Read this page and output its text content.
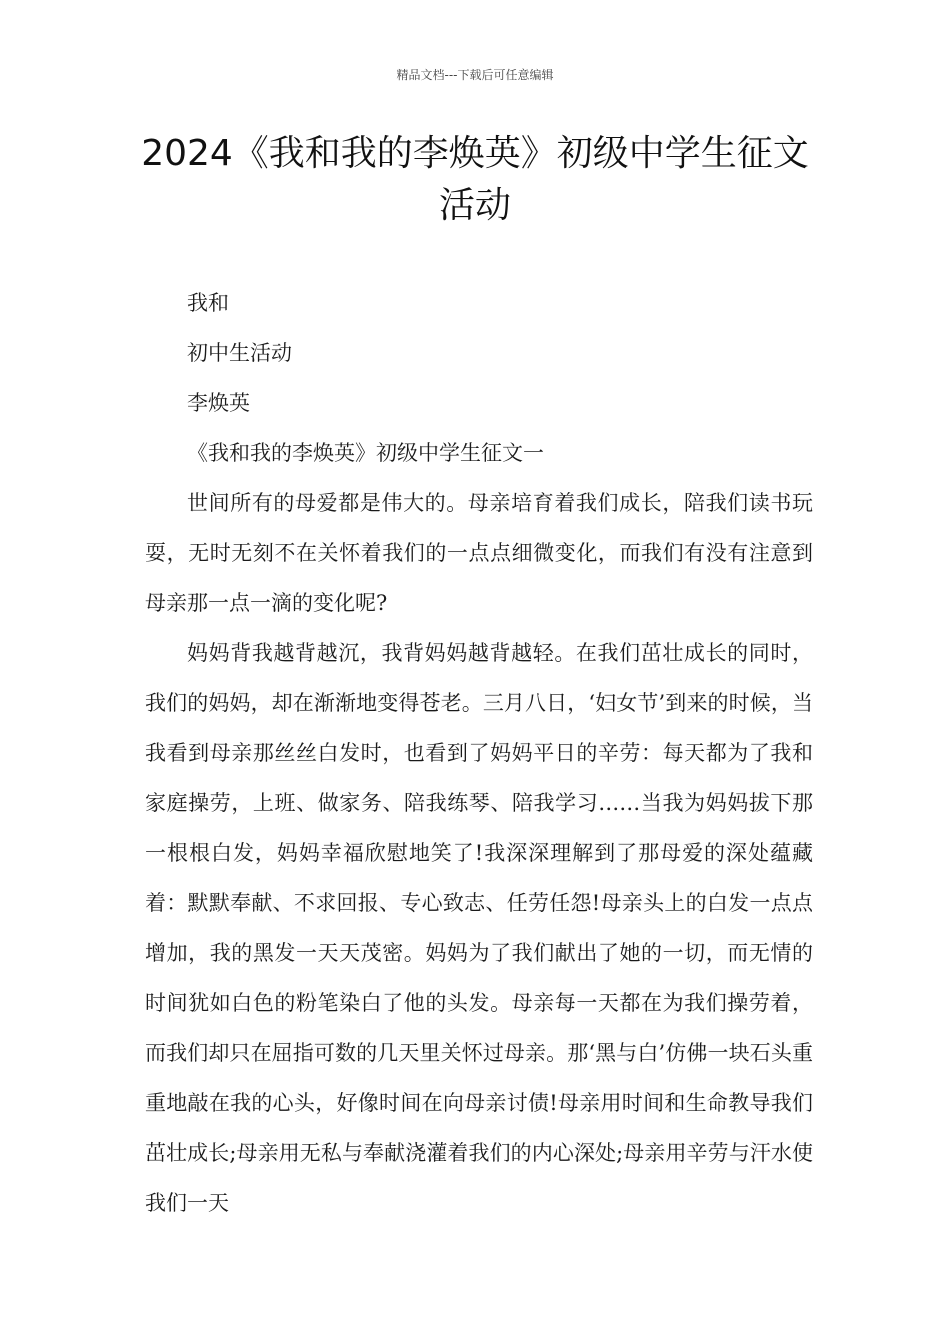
精品文档---下载后可任意编辑
2024《我和我的李焕英》初级中学生征文活动

我和

初中生活动

李焕英

《我和我的李焕英》初级中学生征文一

世间所有的母爱都是伟大的。母亲培育着我们成长，陪我们读书玩耍，无时无刻不在关怀着我们的一点点细微变化，而我们有没有注意到母亲那一点一滴的变化呢?

妈妈背我越背越沉，我背妈妈越背越轻。在我们茁壮成长的同时，我们的妈妈，却在渐渐地变得苍老。三月八日，‘妇女节’到来的时候，当我看到母亲那丝丝白发时，也看到了妈妈平日的辛劳：每天都为了我和家庭操劳，上班、做家务、陪我练琴、陪我学习……当我为妈妈拔下那一根根白发，妈妈幸福欣慰地笑了!我深深理解到了那母爱的深处蕴藏着：默默奉献、不求回报、专心致志、任劳任怨!母亲头上的白发一点点增加，我的黑发一天天茂密。妈妈为了我们献出了她的一切，而无情的时间犹如白色的粉笔染白了他的头发。母亲每一天都在为我们操劳着，而我们却只在屈指可数的几天里关怀过母亲。那‘黑与白’仿佛一块石头重重地敲在我的心头，好像时间在向母亲讨债!母亲用时间和生命教导我们茁壮成长;母亲用无私与奉献浇灌着我们的内心深处;母亲用辛劳与汗水使我们一天
